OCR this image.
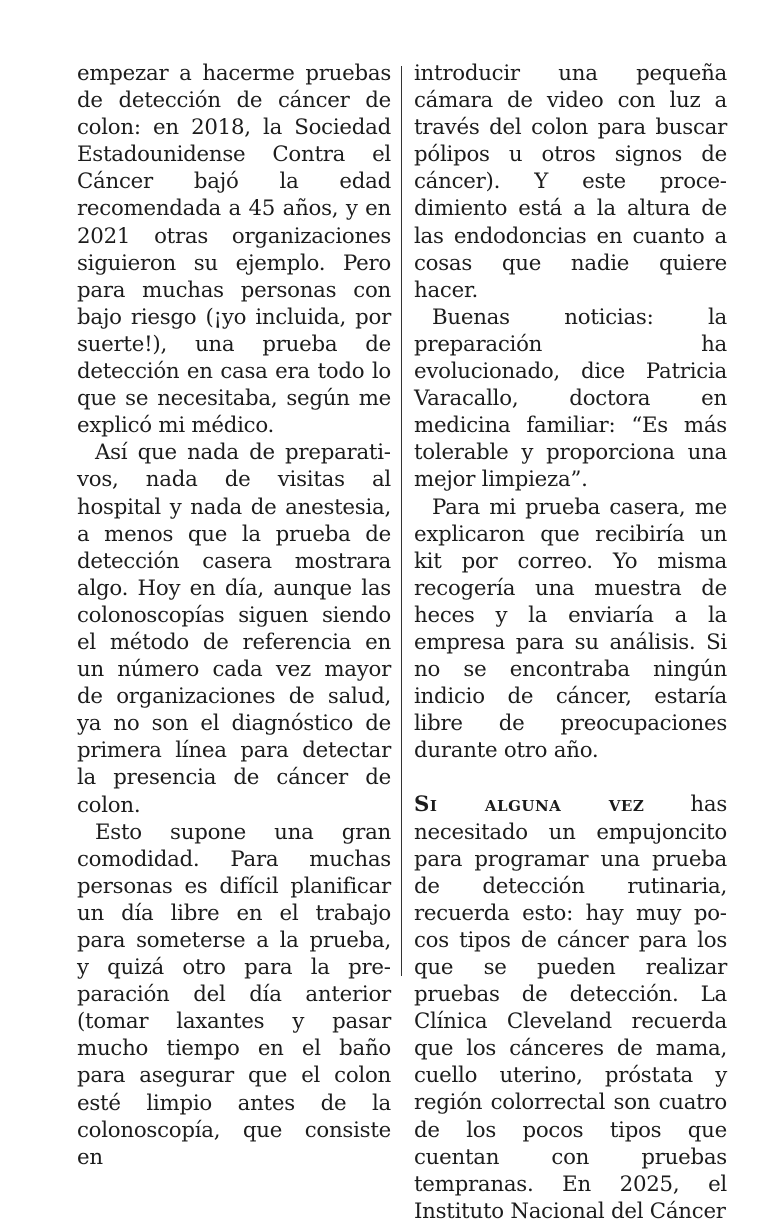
empezar a hacerme pruebas de detección de cáncer de colon: en 2018, la Sociedad Estadounidense Contra el Cáncer bajó la edad recomendada a 45 años, y en 2021 otras organizaciones siguieron su ejemplo. Pero para muchas personas con bajo riesgo (¡yo incluida, por suerte!), una prueba de detección en casa era todo lo que se necesitaba, según me explicó mi médico.

Así que nada de preparativos, nada de visitas al hospital y nada de anestesia, a menos que la prueba de detección casera mostrara algo. Hoy en día, aunque las colonoscopías siguen siendo el método de referencia en un número cada vez mayor de organizaciones de salud, ya no son el diagnóstico de primera línea para detectar la presencia de cáncer de colon.

Esto supone una gran comodidad. Para muchas personas es difícil planificar un día libre en el trabajo para someterse a la prueba, y quizá otro para la preparación del día anterior (tomar laxantes y pasar mucho tiempo en el baño para asegurar que el colon esté limpio antes de la colonoscopía, que consiste en

introducir una pequeña cámara de video con luz a través del colon para buscar pólipos u otros signos de cáncer). Y este procedimiento está a la altura de las endodoncias en cuanto a cosas que nadie quiere hacer.

Buenas noticias: la preparación ha evolucionado, dice Patricia Varacallo, doctora en medicina familiar: “Es más tolerable y proporciona una mejor limpieza”.

Para mi prueba casera, me explicaron que recibiría un kit por correo. Yo misma recogería una muestra de heces y la enviaría a la empresa para su análisis. Si no se encontraba ningún indicio de cáncer, estaría libre de preocupaciones durante otro año.

Si alguna vez has necesitado un empujoncito para programar una prueba de detección rutinaria, recuerda esto: hay muy pocos tipos de cáncer para los que se pueden realizar pruebas de detección. La Clínica Cleveland recuerda que los cánceres de mama, cuello uterino, próstata y región colorrectal son cuatro de los pocos tipos que cuentan con pruebas tempranas. En 2025, el Instituto Nacional del Cáncer
